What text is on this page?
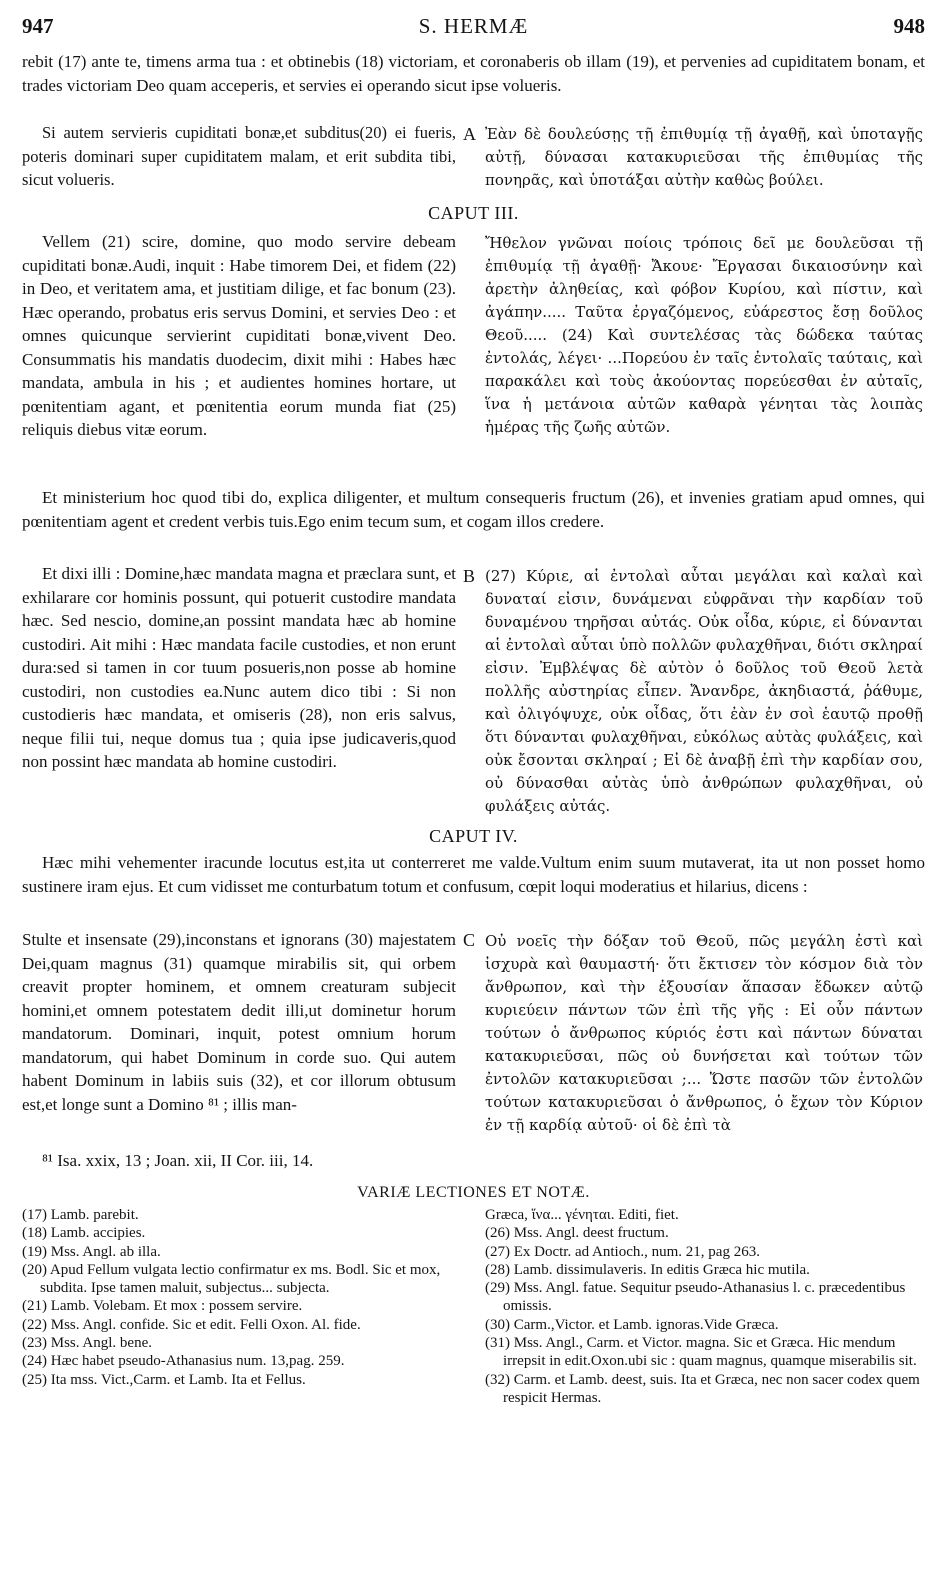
S. HERMÆ
947	948

rebit (17) ante te, timens arma tua : et obtinebis (18) victoriam, et coronaberis ob illam (19), et pervenies ad cupiditatem bonam, et trades victoriam Deo quam acceperis, et servies ei operando sicut ipse volueris.

Si autem servieris cupiditati bonæ,et subditus(20) ei fueris, poteris dominari super cupiditatem malam, et erit subdita tibi, sicut volueris.

A Ἐὰν δὲ δουλεύσῃς τῇ ἐπιθυμίᾳ τῇ ἀγαθῇ, καὶ ὑποταγῇς αὐτῇ, δύνασαι κατακυριεῦσαι τῆς ἐπιθυμίας τῆς πονηρᾶς, καὶ ὑποτάξαι αὐτὴν καθὼς βούλει.

CAPUT III.

Vellem (21) scire, domine, quo modo servire debeam cupiditati bonæ.Audi, inquit : Habe timorem Dei, et fidem (22) in Deo, et veritatem ama, et justitiam dilige, et fac bonum (23). Hæc operando, probatus eris servus Domini, et servies Deo : et omnes quicunque servierint cupiditati bonæ,vivent Deo. Consummatis his mandatis duodecim, dixit mihi : Habes hæc mandata, ambula in his ; et audientes homines hortare, ut pœnitentiam agant, et pœnitentia eorum munda fiat (25) reliquis diebus vitæ eorum.

Ἤθελον γνῶναι ποίοις τρόποις δεῖ με δουλεῦσαι τῇ ἐπιθυμίᾳ τῇ ἀγαθῇ· Ἄκουε· Ἔργασαι δικαιοσύνην καὶ ἀρετὴν ἀληθείας, καὶ φόβον Κυρίου, καὶ πίστιν, καὶ ἀγάπην..... Ταῦτα ἐργαζόμενος, εὐάρεστος ἔσῃ δοῦλος Θεοῦ..... (24) Καὶ συντελέσας τὰς δώδεκα ταύτας ἐντολάς, λέγει· ...Πορεύου ἐν ταῖς ἐντολαῖς ταύταις, καὶ παρακάλει καὶ τοὺς ἀκούοντας πορεύεσθαι ἐν αὐταῖς, ἵνα ἡ μετάνοια αὐτῶν καθαρὰ γένηται τὰς λοιπὰς ἡμέρας τῆς ζωῆς αὐτῶν.

Et ministerium hoc quod tibi do, explica diligenter, et multum consequeris fructum (26), et invenies gratiam apud omnes, qui pœnitentiam agent et credent verbis tuis.Ego enim tecum sum, et cogam illos credere.

Et dixi illi : Domine,hæc mandata magna et præclara sunt, et exhilarare cor hominis possunt, qui potuerit custodire mandata hæc. Sed nescio, domine,an possint mandata hæc ab homine custodiri. Ait mihi : Hæc mandata facile custodies, et non erunt dura:sed si tamen in cor tuum posueris,non posse ab homine custodiri, non custodies ea.Nunc autem dico tibi : Si non custodieris hæc mandata, et omiseris (28), non eris salvus, neque filii tui, neque domus tua ; quia ipse judicaveris,quod non possint hæc mandata ab homine custodiri.

B (27) Κύριε, αἱ ἐντολαὶ αὗται μεγάλαι καὶ καλαὶ καὶ δυναταί εἰσιν, δυνάμεναι εὐφρᾶναι τὴν καρδίαν τοῦ δυναμένου τηρῆσαι αὐτάς. Οὐκ οἶδα, κύριε, εἰ δύνανται αἱ ἐντολαὶ αὗται ὑπὸ πολλῶν φυλαχθῆναι, διότι σκληραί εἰσιν. Ἐμβλέψας δὲ αὐτὸν ὁ δοῦλος τοῦ Θεοῦ λετὰ πολλῆς αὐστηρίας εἶπεν. Ἄνανδρε, ἀκηδιαστά, ῥάθυμε, καὶ ὀλιγόψυχε, οὐκ οἶδας, ὅτι ἐὰν ἐν σοὶ ἑαυτῷ προθῇ ὅτι δύνανται φυλαχθῆναι, εὐκόλως αὐτὰς φυλάξεις, καὶ οὐκ ἔσονται σκληραί ; Εἰ δὲ ἀναβῇ ἐπὶ τὴν καρδίαν σου, οὐ δύνασθαι αὐτὰς ὑπὸ ἀνθρώπων φυλαχθῆναι, οὐ φυλάξεις αὐτάς.

CAPUT IV.

Hæc mihi vehementer iracunde locutus est,ita ut conterreret me valde.Vultum enim suum mutaverat, ita ut non posset homo sustinere iram ejus. Et cum vidisset me conturbatum totum et confusum, cœpit loqui moderatius et hilarius, dicens :

Stulte et insensate (29),inconstans et ignorans (30) majestatem Dei,quam magnus (31) quamque mirabilis sit, qui orbem creavit propter hominem, et omnem creaturam subjecit homini,et omnem potestatem dedit illi,ut dominetur horum mandatorum. Dominari, inquit, potest omnium horum mandatorum, qui habet Dominum in corde suo. Qui autem habent Dominum in labiis suis (32), et cor illorum obtusum est,et longe sunt a Domino ⁸¹ ; illis man-

C Οὐ νοεῖς τὴν δόξαν τοῦ Θεοῦ, πῶς μεγάλη ἐστὶ καὶ ἰσχυρὰ καὶ θαυμαστή· ὅτι ἔκτισεν τὸν κόσμον διὰ τὸν ἄνθρωπον, καὶ τὴν ἐξουσίαν ἅπασαν ἔδωκεν αὐτῷ κυριεύειν πάντων τῶν ἐπὶ τῆς γῆς : Εἰ οὖν πάντων τούτων ὁ ἄνθρωπος κύριός ἐστι καὶ πάντων δύναται κατακυριεῦσαι, πῶς οὐ δυνήσεται καὶ τούτων τῶν ἐντολῶν κατακυριεῦσαι ;... Ὥστε πασῶν τῶν ἐντολῶν τούτων κατακυριεῦσαι ὁ ἄνθρωπος, ὁ ἔχων τὸν Κύριον ἐν τῇ καρδίᾳ αὐτοῦ· οἱ δὲ ἐπὶ τὰ

⁸¹ Isa. xxix, 13 ; Joan. xii, II Cor. iii, 14.

VARIÆ LECTIONES ET NOTÆ.

(17) Lamb. parebit.

(18) Lamb. accipies.

(19) Mss. Angl. ab illa.

(20) Apud Fellum vulgata lectio confirmatur ex ms. Bodl. Sic et mox, subdita. Ipse tamen maluit, subjectus... subjecta.

(21) Lamb. Volebam. Et mox : possem servire.

(22) Mss. Angl. confide. Sic et edit. Felli Oxon. Al. fide.

(23) Mss. Angl. bene.

(24) Hæc habet pseudo-Athanasius num. 13,pag. 259.

(25) Ita mss. Vict.,Carm. et Lamb. Ita et Fellus.

Græca, ἵνα... γένηται. Editi, fiet.

(26) Mss. Angl. deest fructum.

(27) Ex Doctr. ad Antioch., num. 21, pag 263.

(28) Lamb. dissimulaveris. In editis Græca hic mutila.

(29) Mss. Angl. fatue. Sequitur pseudo-Athanasius l. c. præcedentibus omissis.

(30) Carm.,Victor. et Lamb. ignoras.Vide Græca.

(31) Mss. Angl., Carm. et Victor. magna. Sic et Græca. Hic mendum irrepsit in edit.Oxon.ubi sic : quam magnus, quamque miserabilis sit.

(32) Carm. et Lamb. deest, suis. Ita et Græca, nec non sacer codex quem respicit Hermas.
